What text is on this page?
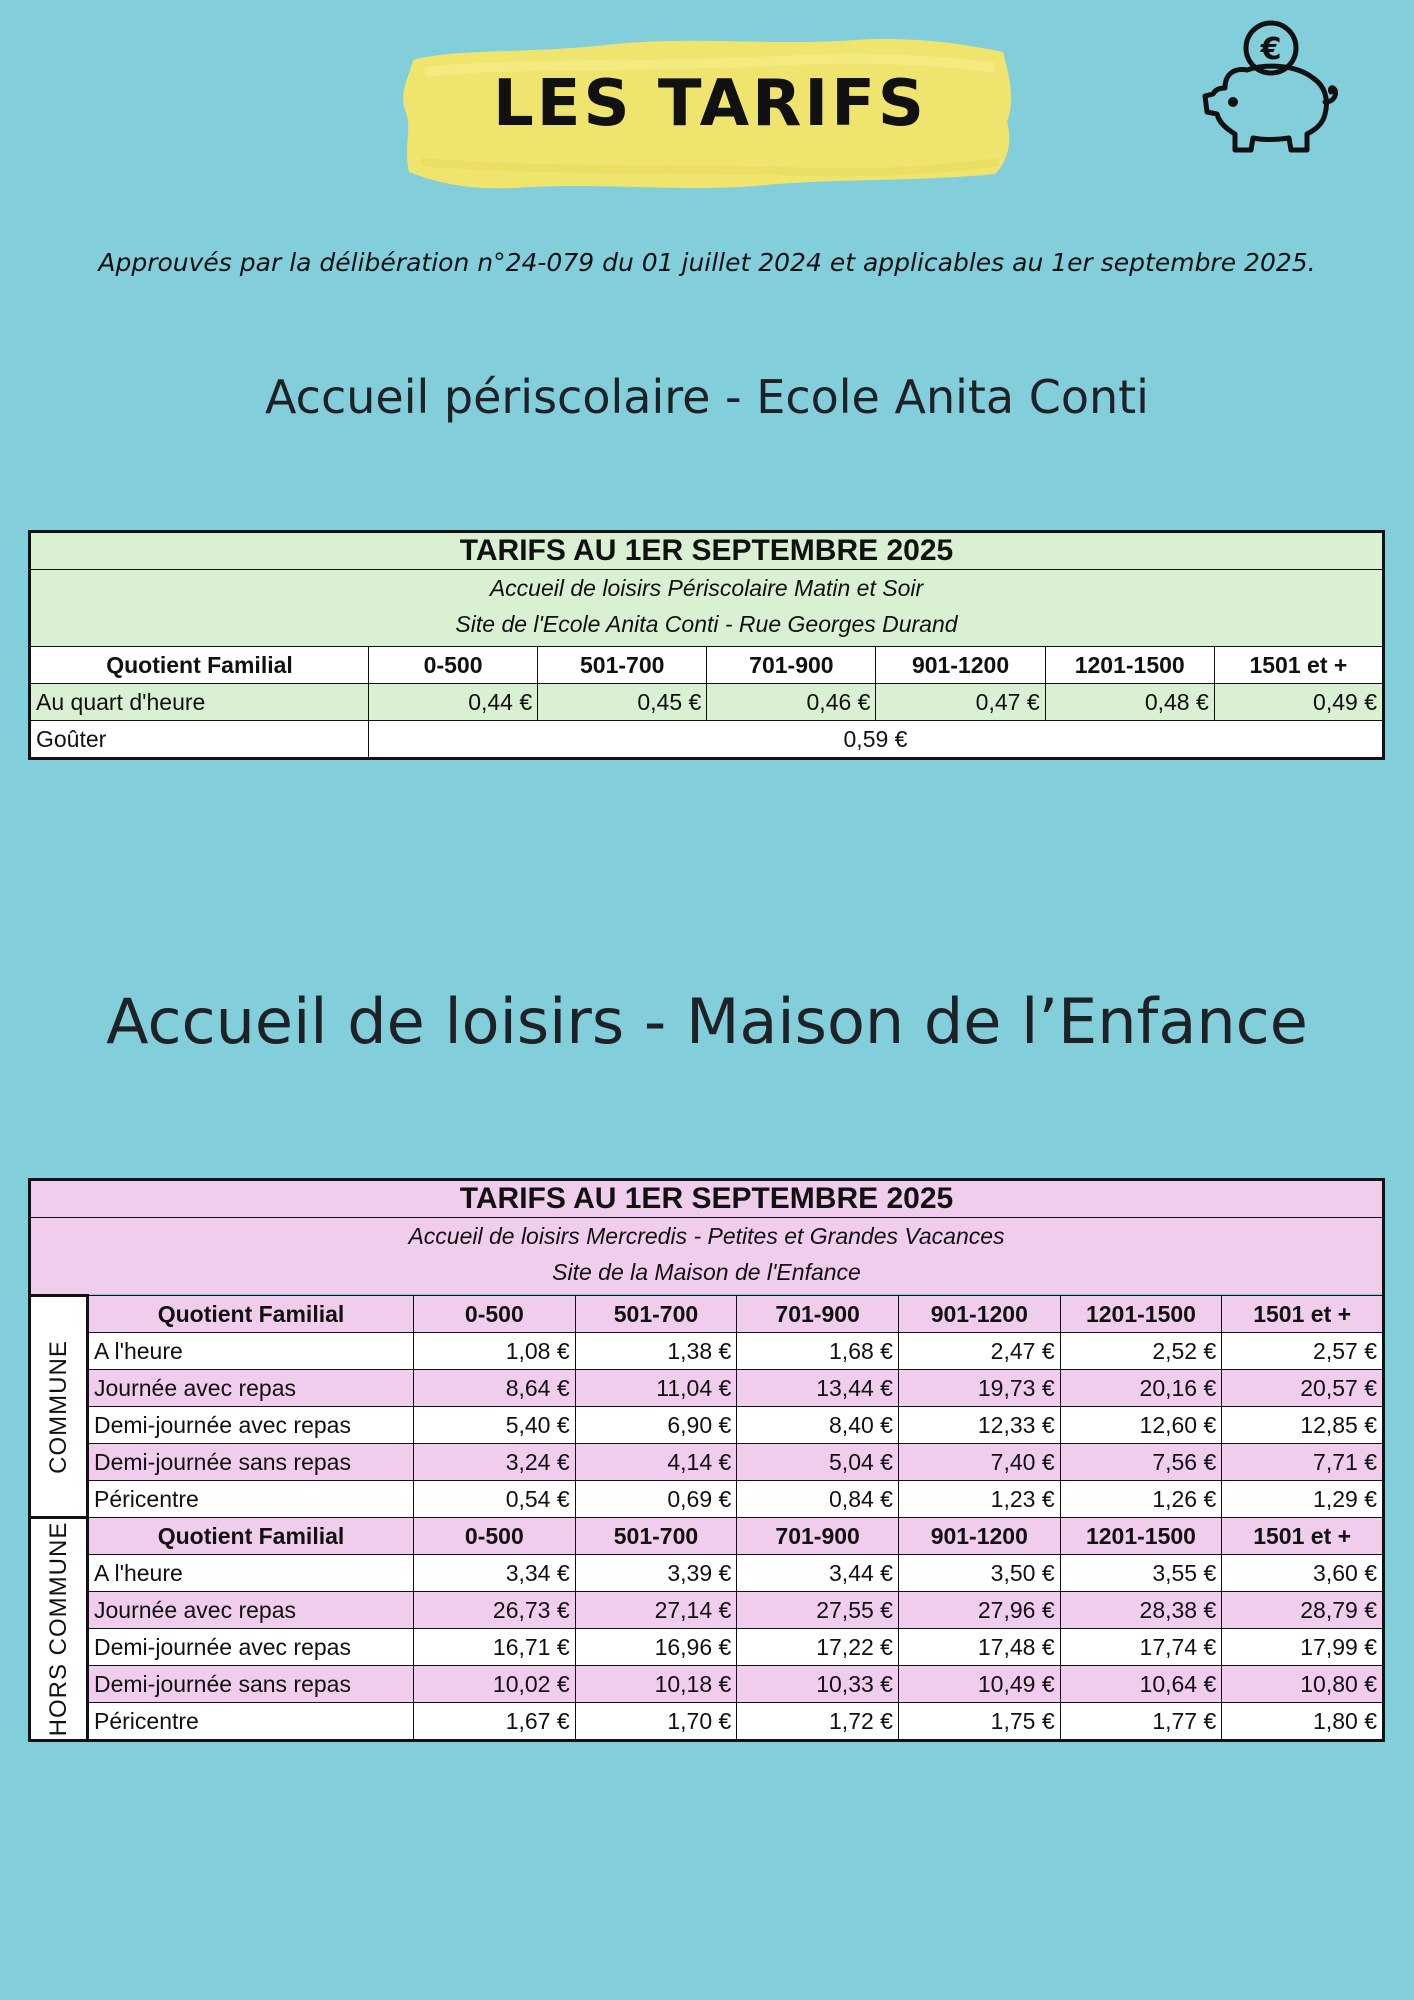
LES TARIFS
€
Approuvés par la délibération n°24-079 du 01 juillet 2024 et applicables au 1er septembre 2025.
Accueil périscolaire - Ecole Anita Conti
TARIFS AU 1ER SEPTEMBRE 2025						
Accueil de loisirs Périscolaire Matin et Soir						
Site de l'Ecole Anita Conti - Rue Georges Durand						
Quotient Familial	0-500	501-700	701-900	901-1200	1201-1500	1501 et +
Au quart d'heure	0,44 €	0,45 €	0,46 €	0,47 €	0,48 €	0,49 €
Goûter	0,59 €					
Accueil de loisirs - Maison de l’Enfance
TARIFS AU 1ER SEPTEMBRE 2025							
Accueil de loisirs Mercredis - Petites et Grandes Vacances							
Site de la Maison de l'Enfance							

COMMUNE	Quotient Familial	0-500	501-700	701-900	901-1200	1201-1500	1501 et +
	A l'heure	1,08 €	1,38 €	1,68 €	2,47 €	2,52 €	2,57 €
	Journée avec repas	8,64 €	11,04 €	13,44 €	19,73 €	20,16 €	20,57 €
	Demi-journée avec repas	5,40 €	6,90 €	8,40 €	12,33 €	12,60 €	12,85 €
	Demi-journée sans repas	3,24 €	4,14 €	5,04 €	7,40 €	7,56 €	7,71 €
	Péricentre	0,54 €	0,69 €	0,84 €	1,23 €	1,26 €	1,29 €

HORS COMMUNE	Quotient Familial	0-500	501-700	701-900	901-1200	1201-1500	1501 et +
	A l'heure	3,34 €	3,39 €	3,44 €	3,50 €	3,55 €	3,60 €
	Journée avec repas	26,73 €	27,14 €	27,55 €	27,96 €	28,38 €	28,79 €
	Demi-journée avec repas	16,71 €	16,96 €	17,22 €	17,48 €	17,74 €	17,99 €
	Demi-journée sans repas	10,02 €	10,18 €	10,33 €	10,49 €	10,64 €	10,80 €
	Péricentre	1,67 €	1,70 €	1,72 €	1,75 €	1,77 €	1,80 €
